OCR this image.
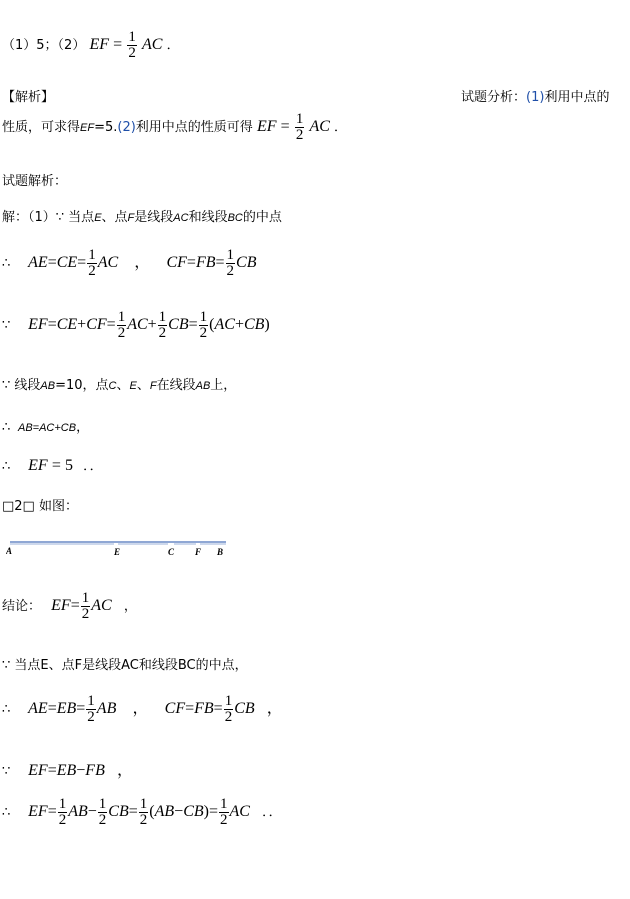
（1）5；（2） EF = $\frac{1}{2}$ AC ．
【解析】	试题分析：(1)利用中点的
性质，可求得EF=5.(2)利用中点的性质可得 EF = $\frac{1}{2}$ AC ．
试题解析：
解：（1）∵ 当点E、点F是线段AC和线段BC的中点
∴ $AE=CE= \frac{1}{2}$ AC ， $CF=FB= \frac{1}{2}$ CB
∵ $EF=CE+CF= \frac{1}{2} AC+ \frac{1}{2} CB= \frac{1}{2} (AC+CB)$
∵ 线段AB=10，点C、E、F在线段AB上，
∴ AB=AC+CB，
∴ EF = 5 ．．
□2□ 如图：
A	E	C F B
结论： $EF= \frac{1}{2}$ AC ，
∵ 当点E、点F是线段AC和线段BC的中点，
∴ $AE=EB= \frac{1}{2}$ AB ， $CF=FB= \frac{1}{2}$ CB ，
∵ EF=EB−FB ，
∴ $EF= \frac{1}{2} AB- \frac{1}{2} CB= \frac{1}{2} (AB-CB)= \frac{1}{2}$ AC ．．
